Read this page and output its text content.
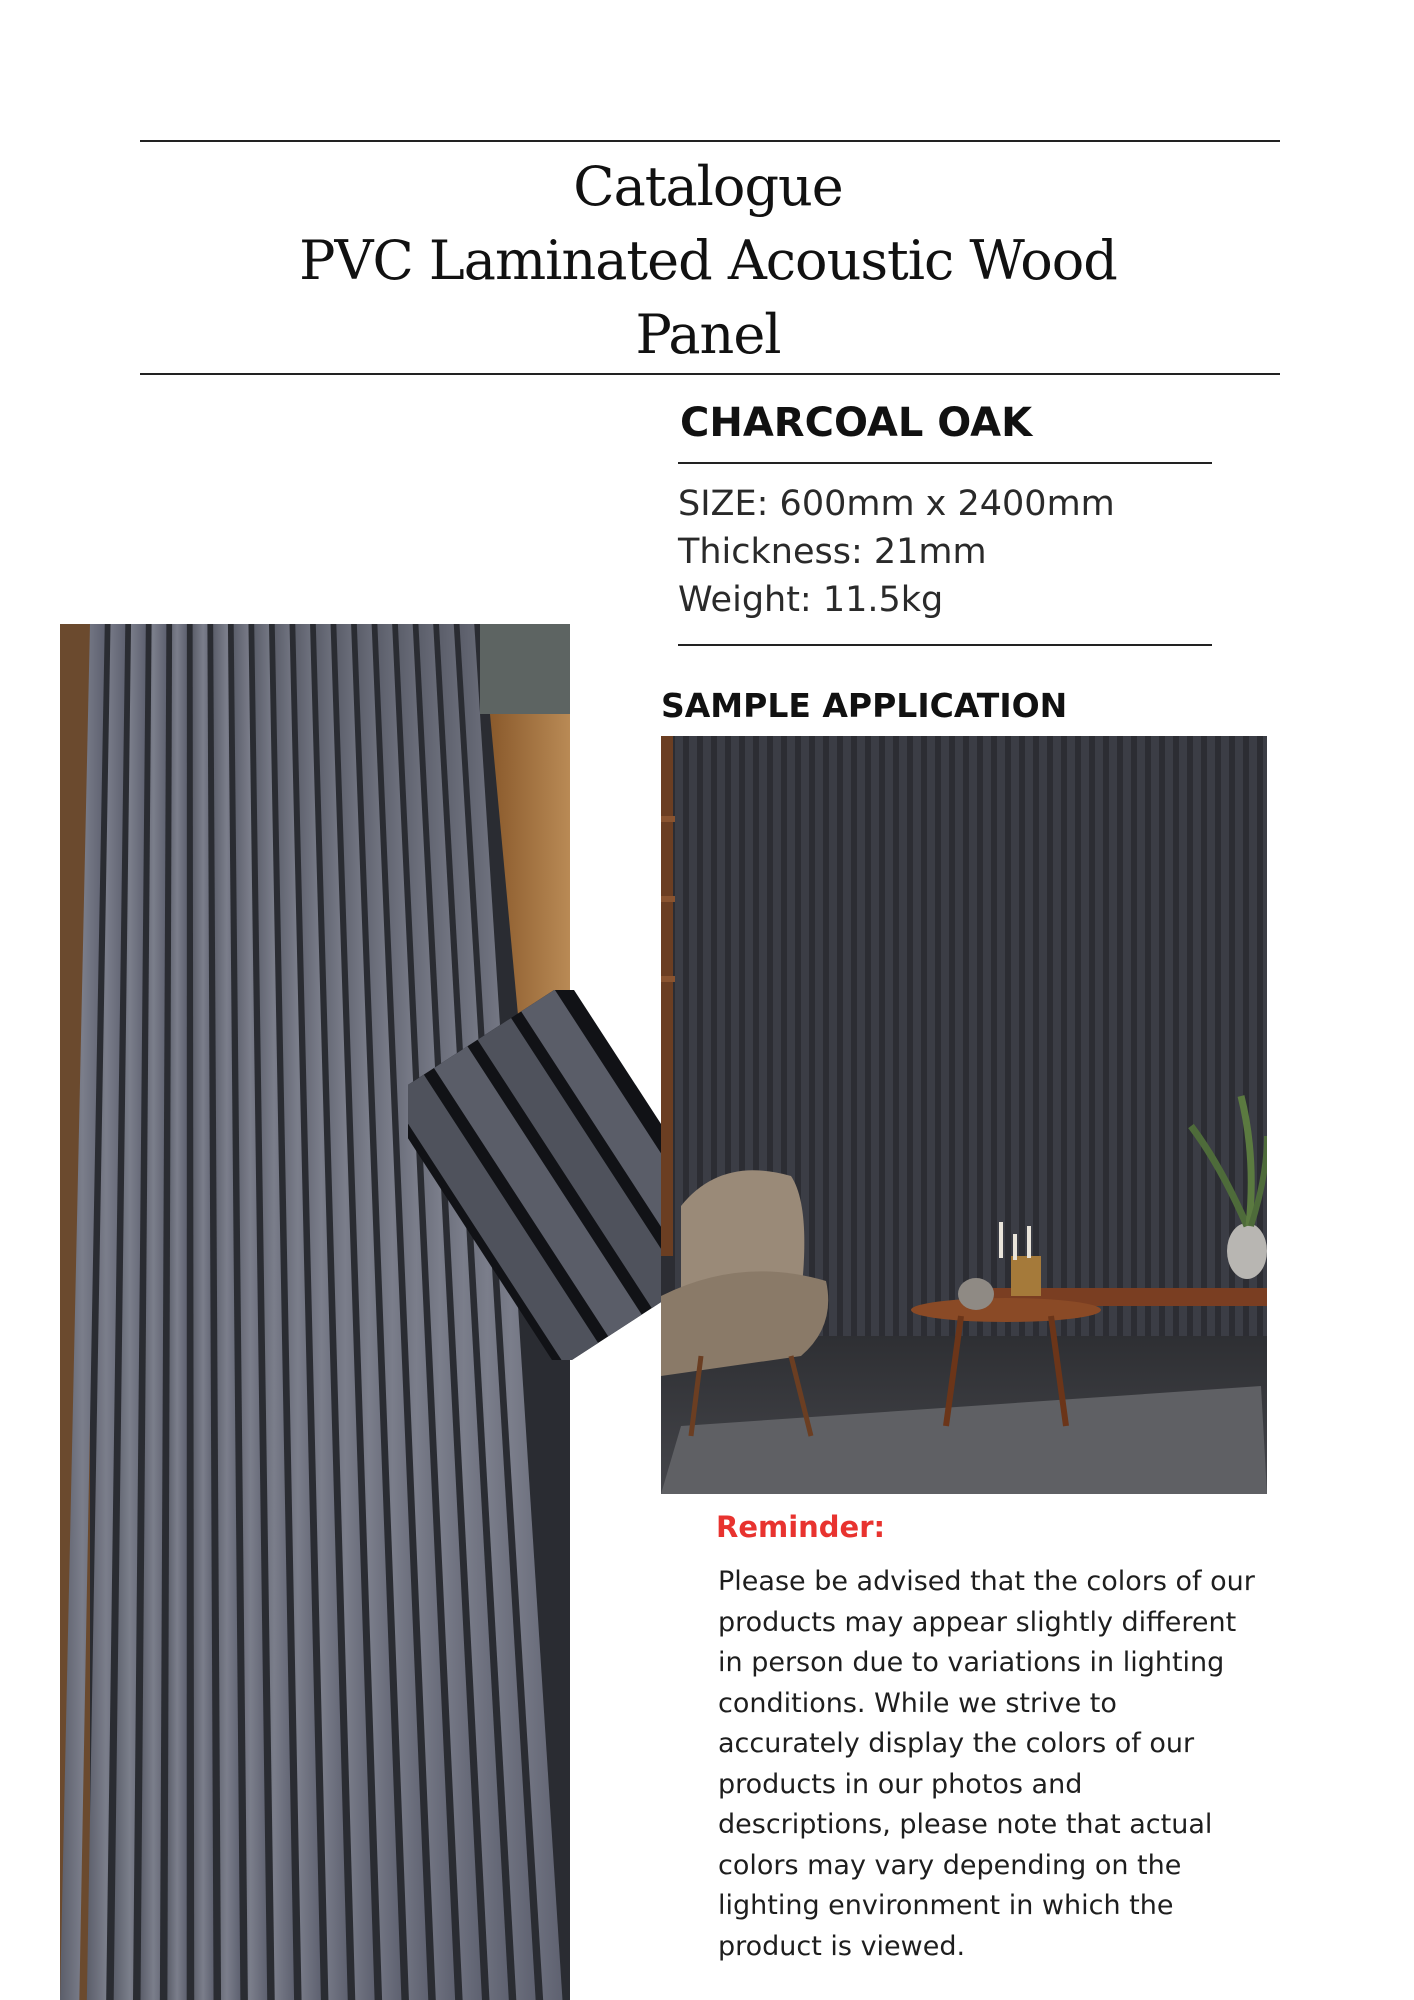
Catalogue
PVC Laminated Acoustic Wood
Panel
CHARCOAL OAK
SIZE: 600mm x 2400mm
Thickness: 21mm
Weight: 11.5kg
SAMPLE APPLICATION
Reminder:
Please be advised that the colors of our
products may appear slightly different
in person due to variations in lighting
conditions. While we strive to
accurately display the colors of our
products in our photos and
descriptions, please note that actual
colors may vary depending on the
lighting environment in which the
product is viewed.
